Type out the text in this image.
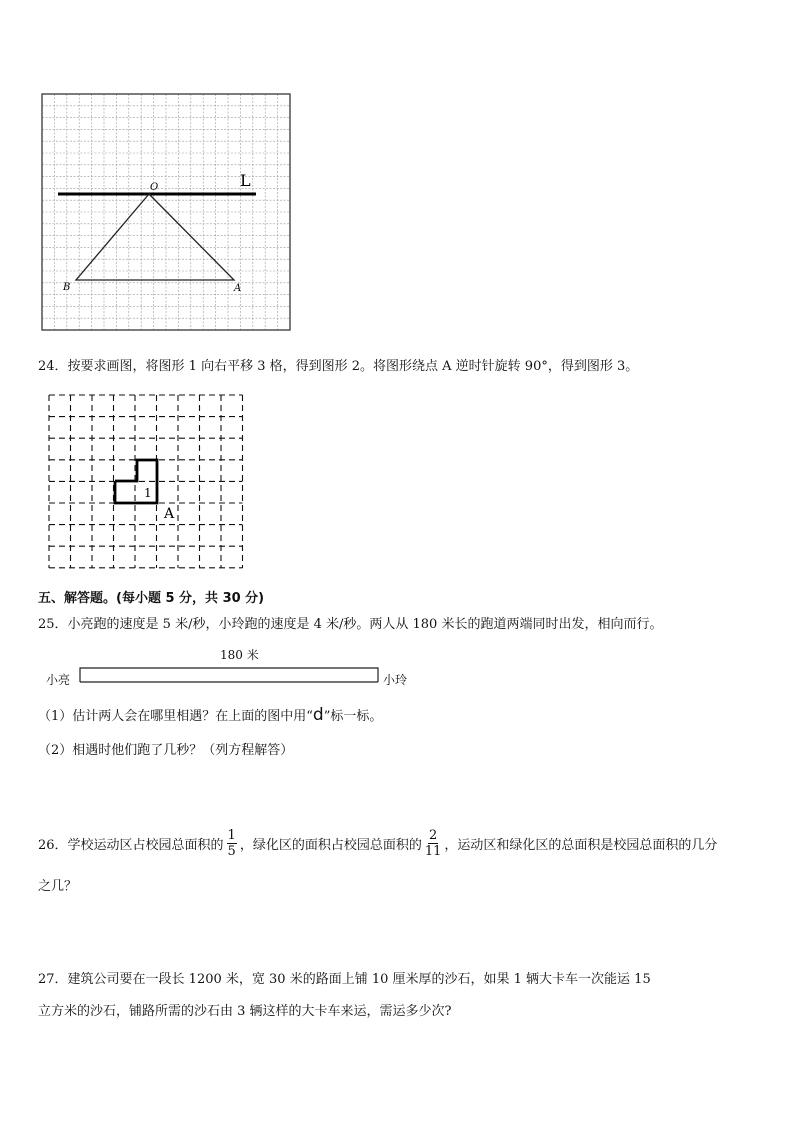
O	L
B	A
24．按要求画图，将图形 1 向右平移 3 格，得到图形 2。将图形绕点 A 逆时针旋转 90°，得到图形 3。
1
A
五、解答题。(每小题 5 分，共 30 分)
25．小亮跑的速度是 5 米/秒，小玲跑的速度是 4 米/秒。两人从 180 米长的跑道两端同时出发，相向而行。
180 米
小亮	小玲
（1）估计两人会在哪里相遇？在上面的图中用“d”标一标。
（2）相遇时他们跑了几秒？（列方程解答）
26．学校运动区占校园总面积的 $\frac{1}{5}$ ，绿化区的面积占校园总面积的 $\frac{2}{11}$ ，运动区和绿化区的总面积是校园总面积的几分
之几？
27．建筑公司要在一段长 1200 米，宽 30 米的路面上铺 10 厘米厚的沙石，如果 1 辆大卡车一次能运 15
立方米的沙石，铺路所需的沙石由 3 辆这样的大卡车来运，需运多少次?
